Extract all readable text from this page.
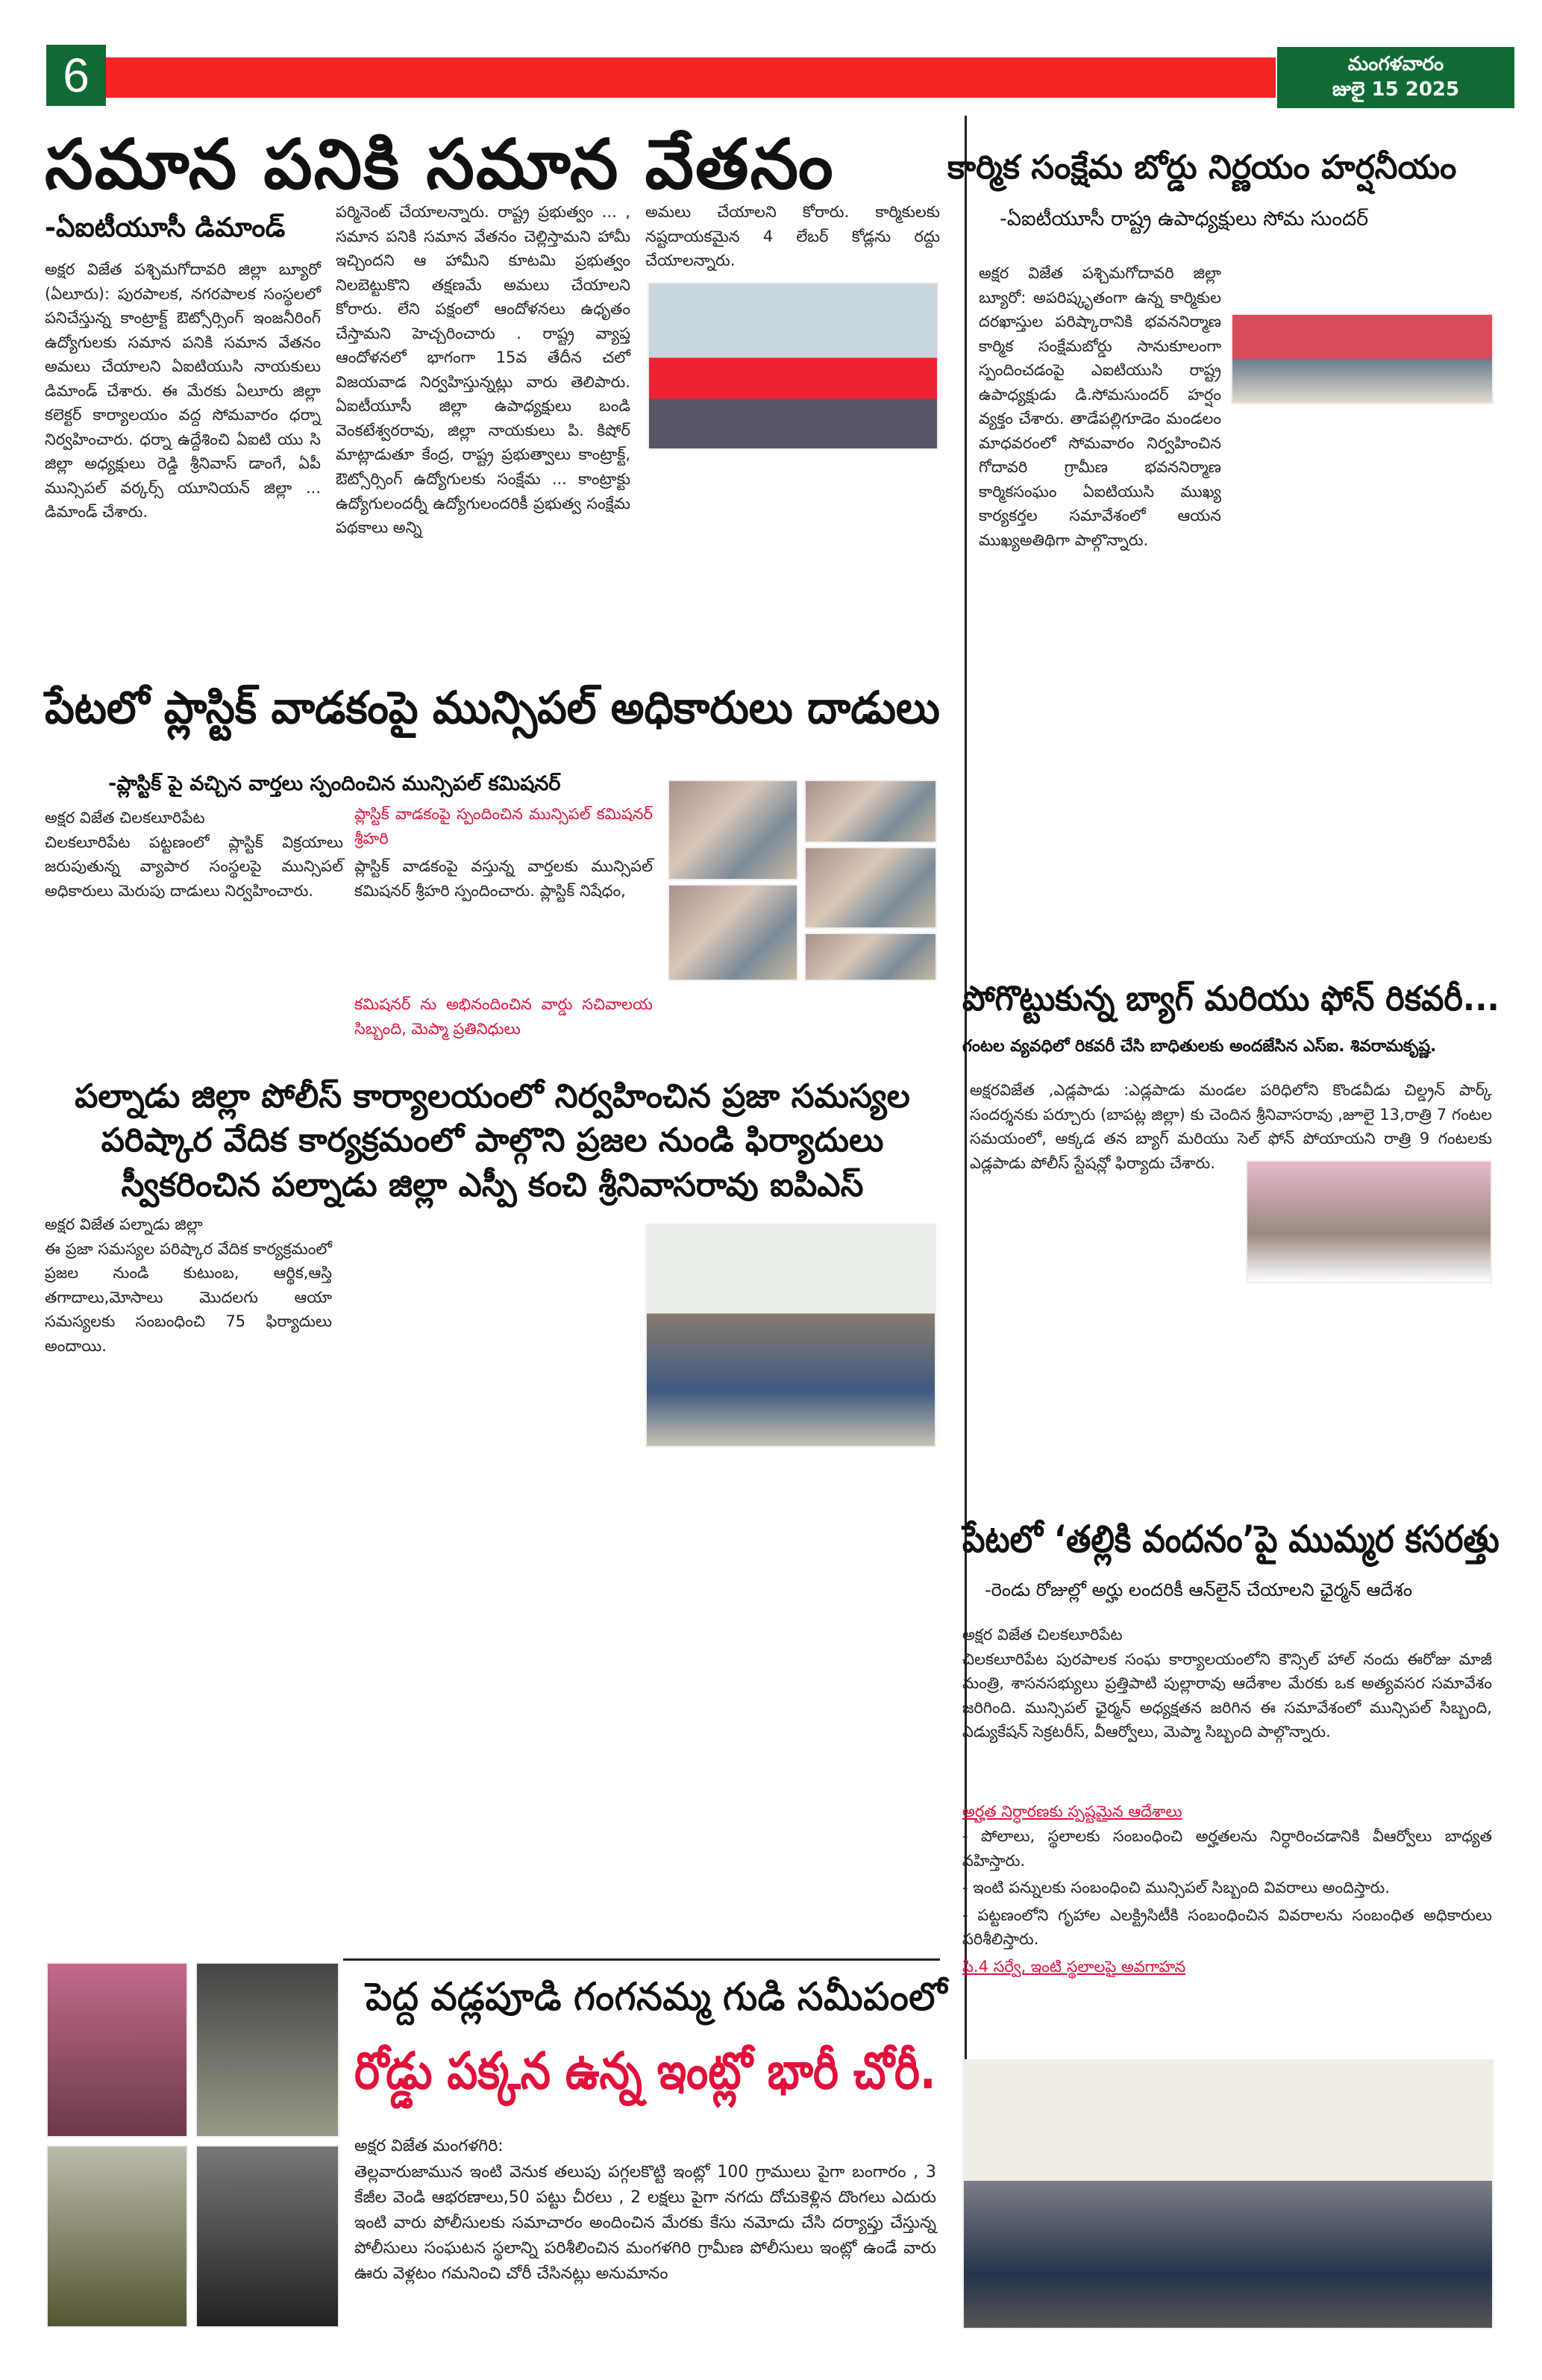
6	మంగళవారం
జులై 15 2025
సమాన పనికి సమాన వేతనం
-ఏఐటీయూసీ డిమాండ్
అక్షర విజేత పశ్చిమగోదావరి జిల్లా బ్యూరో (ఏలూరు): పురపాలక, నగరపాలక సంస్థలలో పనిచేస్తున్న కాంట్రాక్ట్ ఔట్సోర్సింగ్ ఇంజనీరింగ్ ఉద్యోగులకు సమాన పనికి సమాన వేతనం అమలు చేయాలని ఏఐటియుసి నాయకులు డిమాండ్ చేశారు. ఈ మేరకు ఏలూరు జిల్లా కలెక్టర్ కార్యాలయం వద్ద సోమవారం ధర్నా నిర్వహించారు. ధర్నా ఉద్దేశించి ఏఐటి యు సి జిల్లా అధ్యక్షులు రెడ్డి శ్రీనివాస్ డాంగే, ఏపీ మున్సిపల్ వర్కర్స్ యూనియన్ జిల్లా ... డిమాండ్ చేశారు.
పర్మినెంట్ చేయాలన్నారు. రాష్ట్ర ప్రభుత్వం ... , సమాన పనికి సమాన వేతనం చెల్లిస్తామని హామీ ఇచ్చిందని ఆ హామీని కూటమి ప్రభుత్వం నిలబెట్టుకొని తక్షణమే అమలు చేయాలని కోరారు. లేని పక్షంలో ఆందోళనలు ఉధృతం చేస్తామని హెచ్చరించారు . రాష్ట్ర వ్యాప్త ఆందోళనలో భాగంగా 15వ తేదీన చలో విజయవాడ నిర్వహిస్తున్నట్లు వారు తెలిపారు. ఏఐటీయూసీ జిల్లా ఉపాధ్యక్షులు బండి వెంకటేశ్వరరావు, జిల్లా నాయకులు పి. కిషోర్ మాట్లాడుతూ కేంద్ర, రాష్ట్ర ప్రభుత్వాలు కాంట్రాక్ట్, ఔట్సోర్సింగ్ ఉద్యోగులకు సంక్షేమ ... కాంట్రాక్టు ఉద్యోగులందర్నీ ఉద్యోగులందరికీ ప్రభుత్వ సంక్షేమ పథకాలు అన్ని
అమలు చేయాలని కోరారు. కార్మికులకు నష్టదాయకమైన 4 లేబర్ కోడ్లను రద్దు చేయాలన్నారు.
పేటలో ప్లాస్టిక్ వాడకంపై మున్సిపల్ అధికారులు దాడులు
-ప్లాస్టిక్ పై వచ్చిన వార్తలు స్పందించిన మున్సిపల్ కమిషనర్
అక్షర విజేత చిలకలూరిపేట
చిలకలూరిపేట పట్టణంలో ప్లాస్టిక్ విక్రయాలు జరుపుతున్న వ్యాపార సంస్థలపై మున్సిపల్ అధికారులు మెరుపు దాడులు నిర్వహించారు.
ప్లాస్టిక్ వాడకంపై స్పందించిన మున్సిపల్ కమిషనర్ శ్రీహరి
ప్లాస్టిక్ వాడకంపై వస్తున్న వార్తలకు మున్సిపల్ కమిషనర్ శ్రీహరి స్పందించారు. ప్లాస్టిక్ నిషేధం,
కమిషనర్ ను అభినందించిన వార్డు సచివాలయ సిబ్బంది, మెప్మా ప్రతినిధులు
పల్నాడు జిల్లా పోలీస్ కార్యాలయంలో నిర్వహించిన ప్రజా సమస్యల పరిష్కార వేదిక కార్యక్రమంలో పాల్గొని ప్రజల నుండి ఫిర్యాదులు స్వీకరించిన పల్నాడు జిల్లా ఎస్పీ కంచి శ్రీనివాసరావు ఐపిఎస్
అక్షర విజేత పల్నాడు జిల్లా
ఈ ప్రజా సమస్యల పరిష్కార వేదిక కార్యక్రమంలో ప్రజల నుండి కుటుంబ, ఆర్థిక,ఆస్తి తగాదాలు,మోసాలు మొదలగు ఆయా సమస్యలకు సంబంధించి 75 ఫిర్యాదులు అందాయి.
పెద్ద వడ్లపూడి గంగనమ్మ గుడి సమీపంలో
రోడ్డు పక్కన ఉన్న ఇంట్లో భారీ చోరీ.
అక్షర విజేత మంగళగిరి:
తెల్లవారుజామున ఇంటి వెనుక తలుపు పగ్గలకొట్టి ఇంట్లో 100 గ్రాములు పైగా బంగారం , 3 కేజీల వెండి ఆభరణాలు,50 పట్టు చీరలు , 2 లక్షలు పైగా నగదు దోచుకెళ్లిన దొంగలు ఎదురు ఇంటి వారు పోలీసులకు సమాచారం అందించిన మేరకు కేసు నమోదు చేసి దర్యాప్తు చేస్తున్న పోలీసులు సంఘటన స్థలాన్ని పరిశీలించిన మంగళగిరి గ్రామీణ పోలీసులు ఇంట్లో ఉండే వారు ఊరు వెళ్లటం గమనించి చోరీ చేసినట్లు అనుమానం
కార్మిక సంక్షేమ బోర్డు నిర్ణయం హర్షనీయం
-ఏఐటీయూసీ రాష్ట్ర ఉపాధ్యక్షులు సోమ సుందర్
అక్షర విజేత పశ్చిమగోదావరి జిల్లా బ్యూరో: అపరిష్కృతంగా ఉన్న కార్మికుల దరఖాస్తుల పరిష్కారానికి భవననిర్మాణ కార్మిక సంక్షేమబోర్డు సానుకూలంగా స్పందించడంపై ఎఐటియుసి రాష్ట్ర ఉపాధ్యక్షుడు డి.సోమసుందర్ హర్షం వ్యక్తం చేశారు. తాడేపల్లిగూడెం మండలం మాధవరంలో సోమవారం నిర్వహించిన గోదావరి గ్రామీణ భవననిర్మాణ కార్మికసంఘం ఏఐటియుసి ముఖ్య కార్యకర్తల సమావేశంలో ఆయన ముఖ్యఅతిథిగా పాల్గొన్నారు.
పోగొట్టుకున్న బ్యాగ్ మరియు ఫోన్ రికవరీ...
గంటల వ్యవధిలో రికవరీ చేసి బాధితులకు అందజేసిన ఎస్ఐ. శివరామకృష్ణ.
అక్షరవిజేత ,ఎడ్లపాడు :ఎడ్లపాడు మండల పరిధిలోని కొండవీడు చిల్డ్రన్ పార్క్ సందర్శనకు పర్చూరు (బాపట్ల జిల్లా) కు చెందిన శ్రీనివాసరావు ,జూలై 13,రాత్రి 7 గంటల సమయంలో, అక్కడ తన బ్యాగ్ మరియు సెల్ ఫోన్ పోయాయని రాత్రి 9 గంటలకు ఎడ్లపాడు పోలీస్ స్టేషన్లో ఫిర్యాదు చేశారు.
పేటలో ‘తల్లికి వందనం’పై ముమ్మర కసరత్తు
-రెండు రోజుల్లో అర్హు లందరికీ ఆన్‌లైన్ చేయాలని ఛైర్మన్ ఆదేశం
అక్షర విజేత చిలకలూరిపేట
చిలకలూరిపేట పురపాలక సంఘ కార్యాలయంలోని కౌన్సిల్ హాల్ నందు ఈరోజు మాజీ మంత్రి, శాసనసభ్యులు ప్రత్తిపాటి పుల్లారావు ఆదేశాల మేరకు ఒక అత్యవసర సమావేశం జరిగింది. మున్సిపల్ ఛైర్మన్ అధ్యక్షతన జరిగిన ఈ సమావేశంలో మున్సిపల్ సిబ్బంది, ఎడ్యుకేషన్ సెక్రటరీస్, వీఆర్వోలు, మెప్మా సిబ్బంది పాల్గొన్నారు.
అర్హత నిర్ధారణకు స్పష్టమైన ఆదేశాలు

- పోలాలు, స్థలాలకు సంబంధించి అర్హతలను నిర్ధారించడానికి వీఆర్వోలు బాధ్యత వహిస్తారు.

- ఇంటి పన్నులకు సంబంధించి మున్సిపల్ సిబ్బంది వివరాలు అందిస్తారు.

- పట్టణంలోని గృహాల ఎలక్ట్రిసిటీకి సంబంధించిన వివరాలను సంబంధిత అధికారులు పరిశీలిస్తారు.

పి.4 సర్వే, ఇంటి స్థలాలపై అవగాహన
